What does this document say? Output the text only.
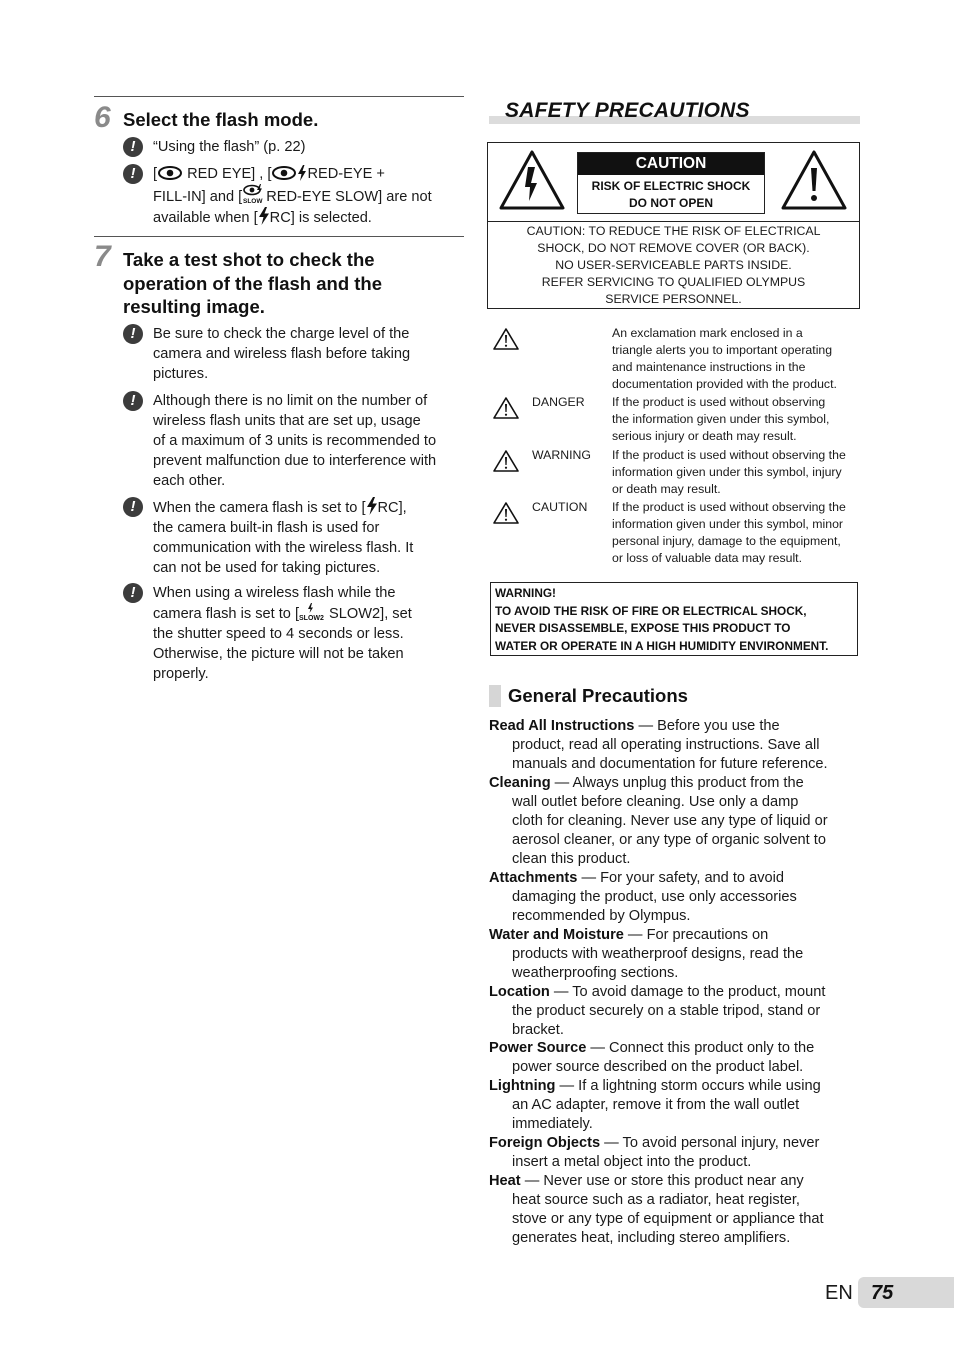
6 Select the flash mode.
!	“Using the flash” (p. 22)
!	[ RED EYE] , [ RED-EYE +
FILL-IN] and [ SLOW RED-EYE SLOW] are not
available when [ RC] is selected.
7 Take a test shot to check the
operation of the flash and the
resulting image.
!	Be sure to check the charge level of the
camera and wireless flash before taking
pictures.
!	Although there is no limit on the number of
wireless flash units that are set up, usage
of a maximum of 3 units is recommended to
prevent malfunction due to interference with
each other.
!	When the camera flash is set to [ RC],
the camera built-in flash is used for
communication with the wireless flash. It
can not be used for taking pictures.
!	When using a wireless flash while the
camera flash is set to [ SLOW2 SLOW2], set
the shutter speed to 4 seconds or less.
Otherwise, the picture will not be taken
properly.
SAFETY PRECAUTIONS
CAUTION
RISK OF ELECTRIC SHOCK
DO NOT OPEN
CAUTION: TO REDUCE THE RISK OF ELECTRICAL
SHOCK, DO NOT REMOVE COVER (OR BACK).
NO USER-SERVICEABLE PARTS INSIDE.
REFER SERVICING TO QUALIFIED OLYMPUS
SERVICE PERSONNEL.
An exclamation mark enclosed in a
triangle alerts you to important operating
and maintenance instructions in the
documentation provided with the product.
DANGER If the product is used without observing
the information given under this symbol,
serious injury or death may result.
WARNING If the product is used without observing the
information given under this symbol, injury
or death may result.
CAUTION If the product is used without observing the
information given under this symbol, minor
personal injury, damage to the equipment,
or loss of valuable data may result.
WARNING!
TO AVOID THE RISK OF FIRE OR ELECTRICAL SHOCK,
NEVER DISASSEMBLE, EXPOSE THIS PRODUCT TO
WATER OR OPERATE IN A HIGH HUMIDITY ENVIRONMENT.
General Precautions
Read All Instructions — Before you use the
product, read all operating instructions. Save all
manuals and documentation for future reference.
Cleaning — Always unplug this product from the
wall outlet before cleaning. Use only a damp
cloth for cleaning. Never use any type of liquid or
aerosol cleaner, or any type of organic solvent to
clean this product.
Attachments — For your safety, and to avoid
damaging the product, use only accessories
recommended by Olympus.
Water and Moisture — For precautions on
products with weatherproof designs, read the
weatherproofing sections.
Location — To avoid damage to the product, mount
the product securely on a stable tripod, stand or
bracket.
Power Source — Connect this product only to the
power source described on the product label.
Lightning — If a lightning storm occurs while using
an AC adapter, remove it from the wall outlet
immediately.
Foreign Objects — To avoid personal injury, never
insert a metal object into the product.
Heat — Never use or store this product near any
heat source such as a radiator, heat register,
stove or any type of equipment or appliance that
generates heat, including stereo amplifiers.
EN 75
